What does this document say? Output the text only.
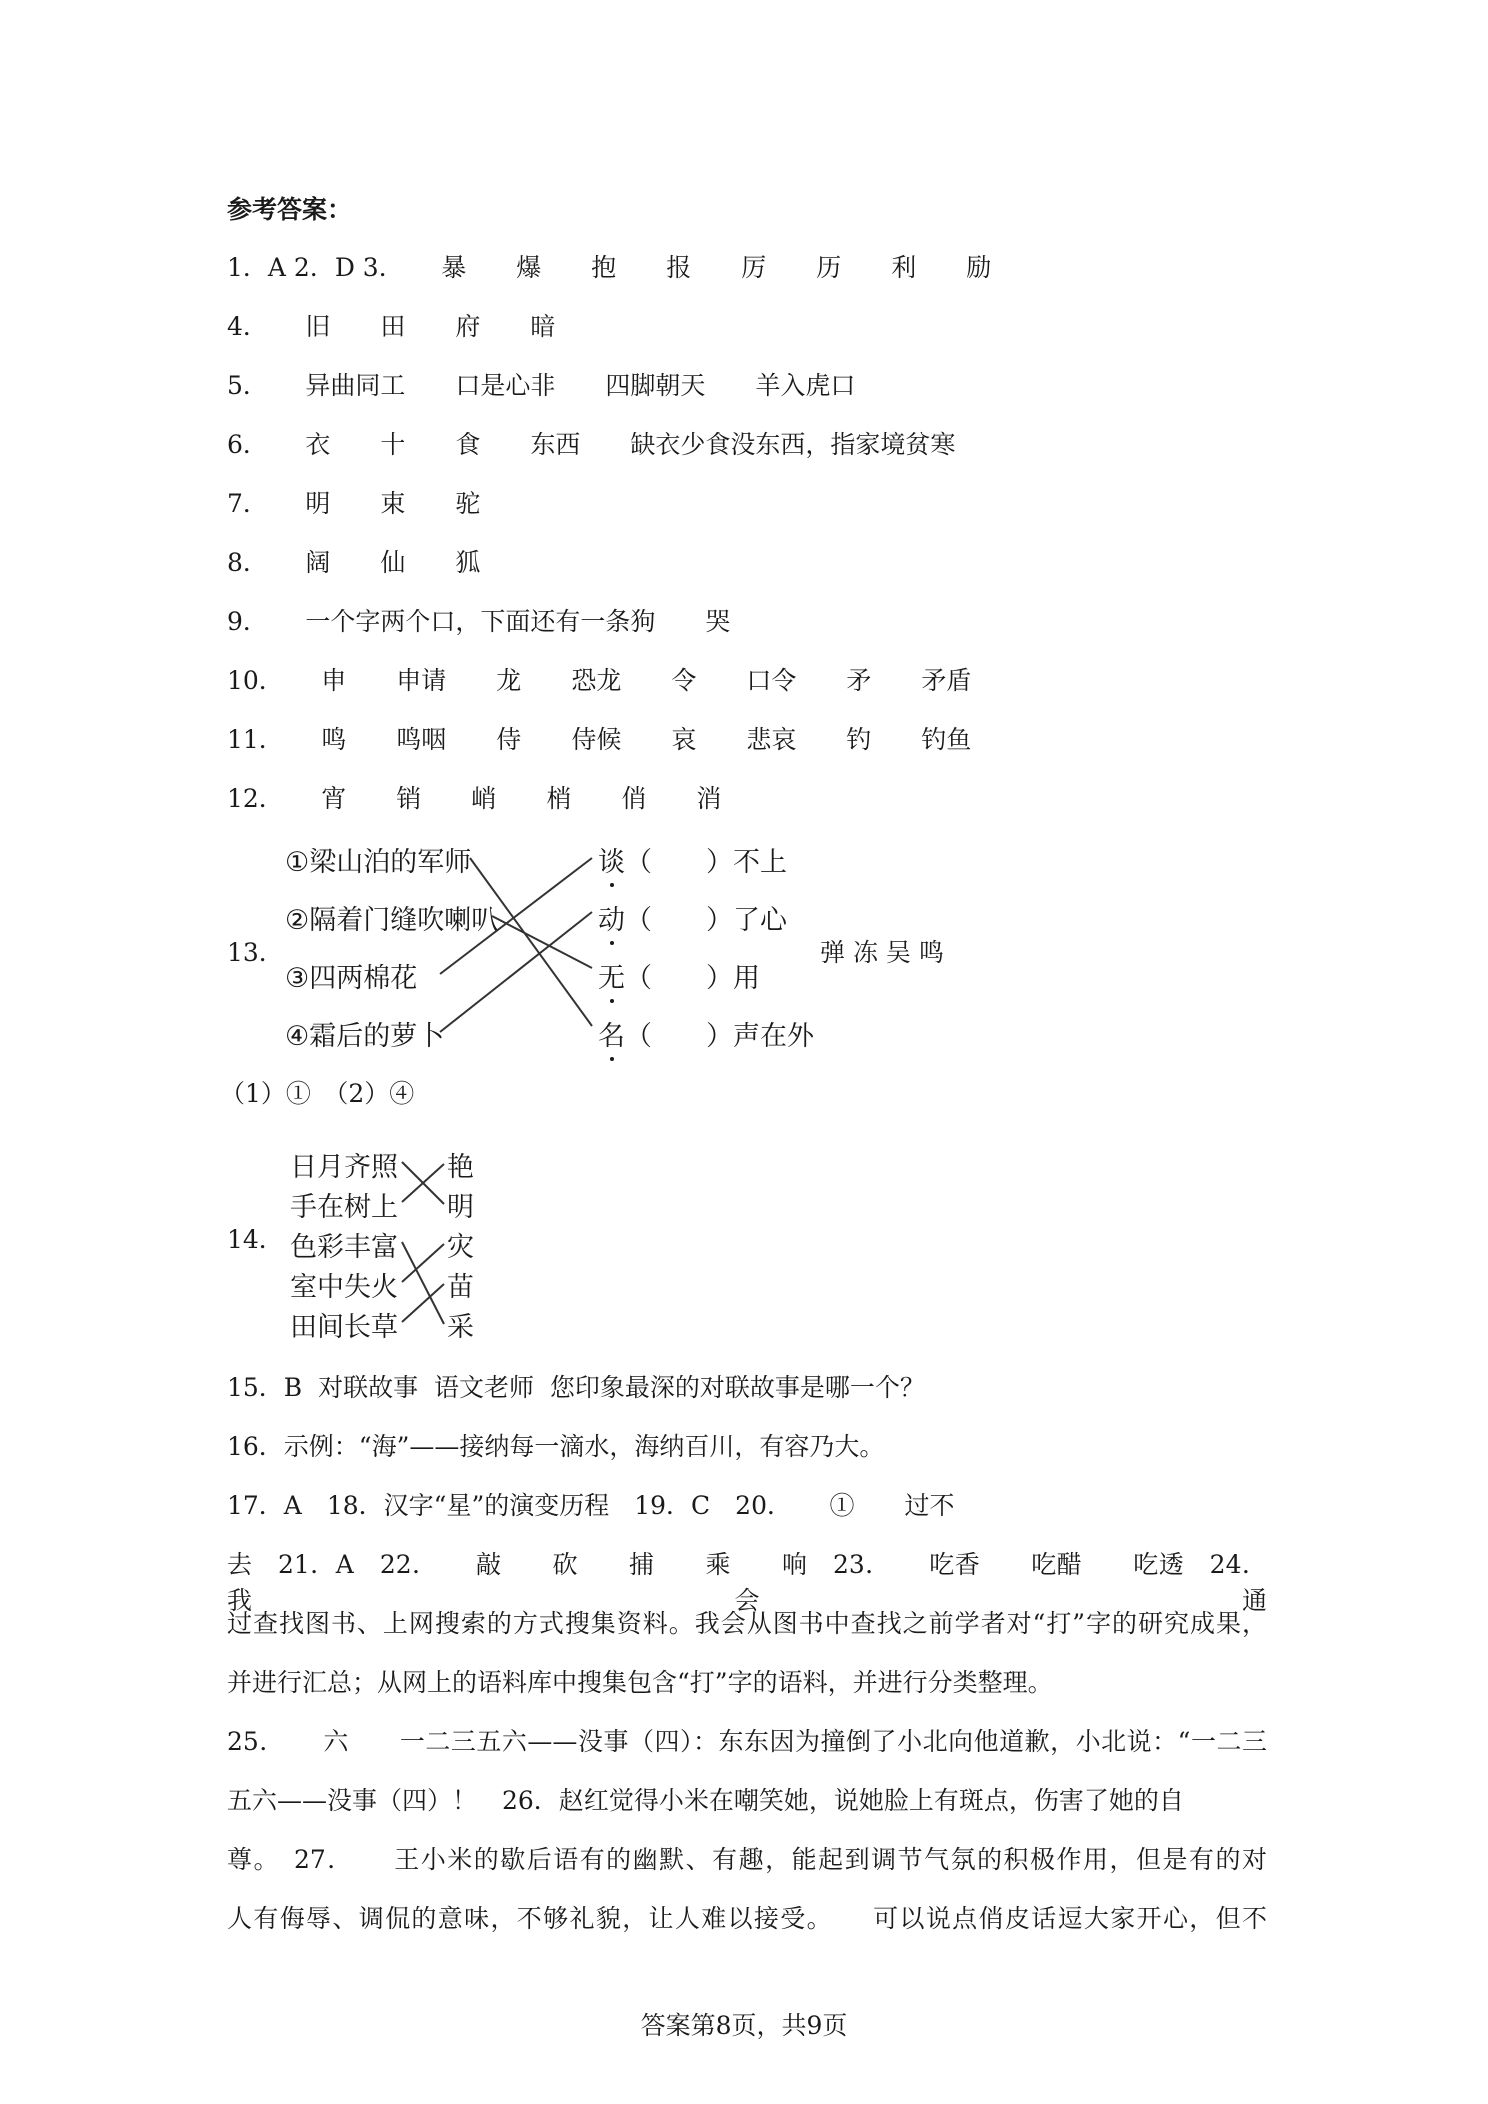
参考答案：
1．A 2．D 3．　　暴　　爆　　抱　　报　　厉　　历　　利　　励
4．　　旧　　田　　府　　暗
5．　　异曲同工　　口是心非　　四脚朝天　　羊入虎口
6．　　衣　　十　　食　　东西　　缺衣少食没东西，指家境贫寒
7．　　明　　束　　驼
8．　　阔　　仙　　狐
9．　　一个字两个口，下面还有一条狗　　哭
10．　　申　　申请　　龙　　恐龙　　令　　口令　　矛　　矛盾
11．　　鸣　　鸣咽　　侍　　侍候　　哀　　悲哀　　钓　　钓鱼
12．　　宵　　销　　峭　　梢　　俏　　消
13．
①梁山泊的军师
②隔着门缝吹喇叭
③四两棉花
④霜后的萝卜
谈（　　）不上
动（　　）了心
无（　　）用
名（　　）声在外
弹 冻 吴 鸣
（1）①　（2）④
14．
日月齐照
手在树上
色彩丰富
室中失火
田间长草
艳
明
灾
苗
采
15．B  对联故事  语文老师  您印象最深的对联故事是哪一个？
16．示例：“海”——接纳每一滴水，海纳百川，有容乃大。
17．A　18．汉字“星”的演变历程　19．C　20．　　①　　过不
去　21．A　22．　　敲　　砍　　捕　　乘　　响　23．　　吃香　　吃醋　　吃透　24．我会通
过查找图书、上网搜索的方式搜集资料。我会从图书中查找之前学者对“打”字的研究成果，
并进行汇总；从网上的语料库中搜集包含“打”字的语料，并进行分类整理。
25．　　六　　一二三五六——没事（四）：东东因为撞倒了小北向他道歉，小北说：“一二三
五六——没事（四）！　26．赵红觉得小米在嘲笑她，说她脸上有斑点，伤害了她的自
尊。　27．　　王小米的歇后语有的幽默、有趣，能起到调节气氛的积极作用，但是有的对
人有侮辱、调侃的意味，不够礼貌，让人难以接受。　　可以说点俏皮话逗大家开心，但不
答案第8页，共9页
